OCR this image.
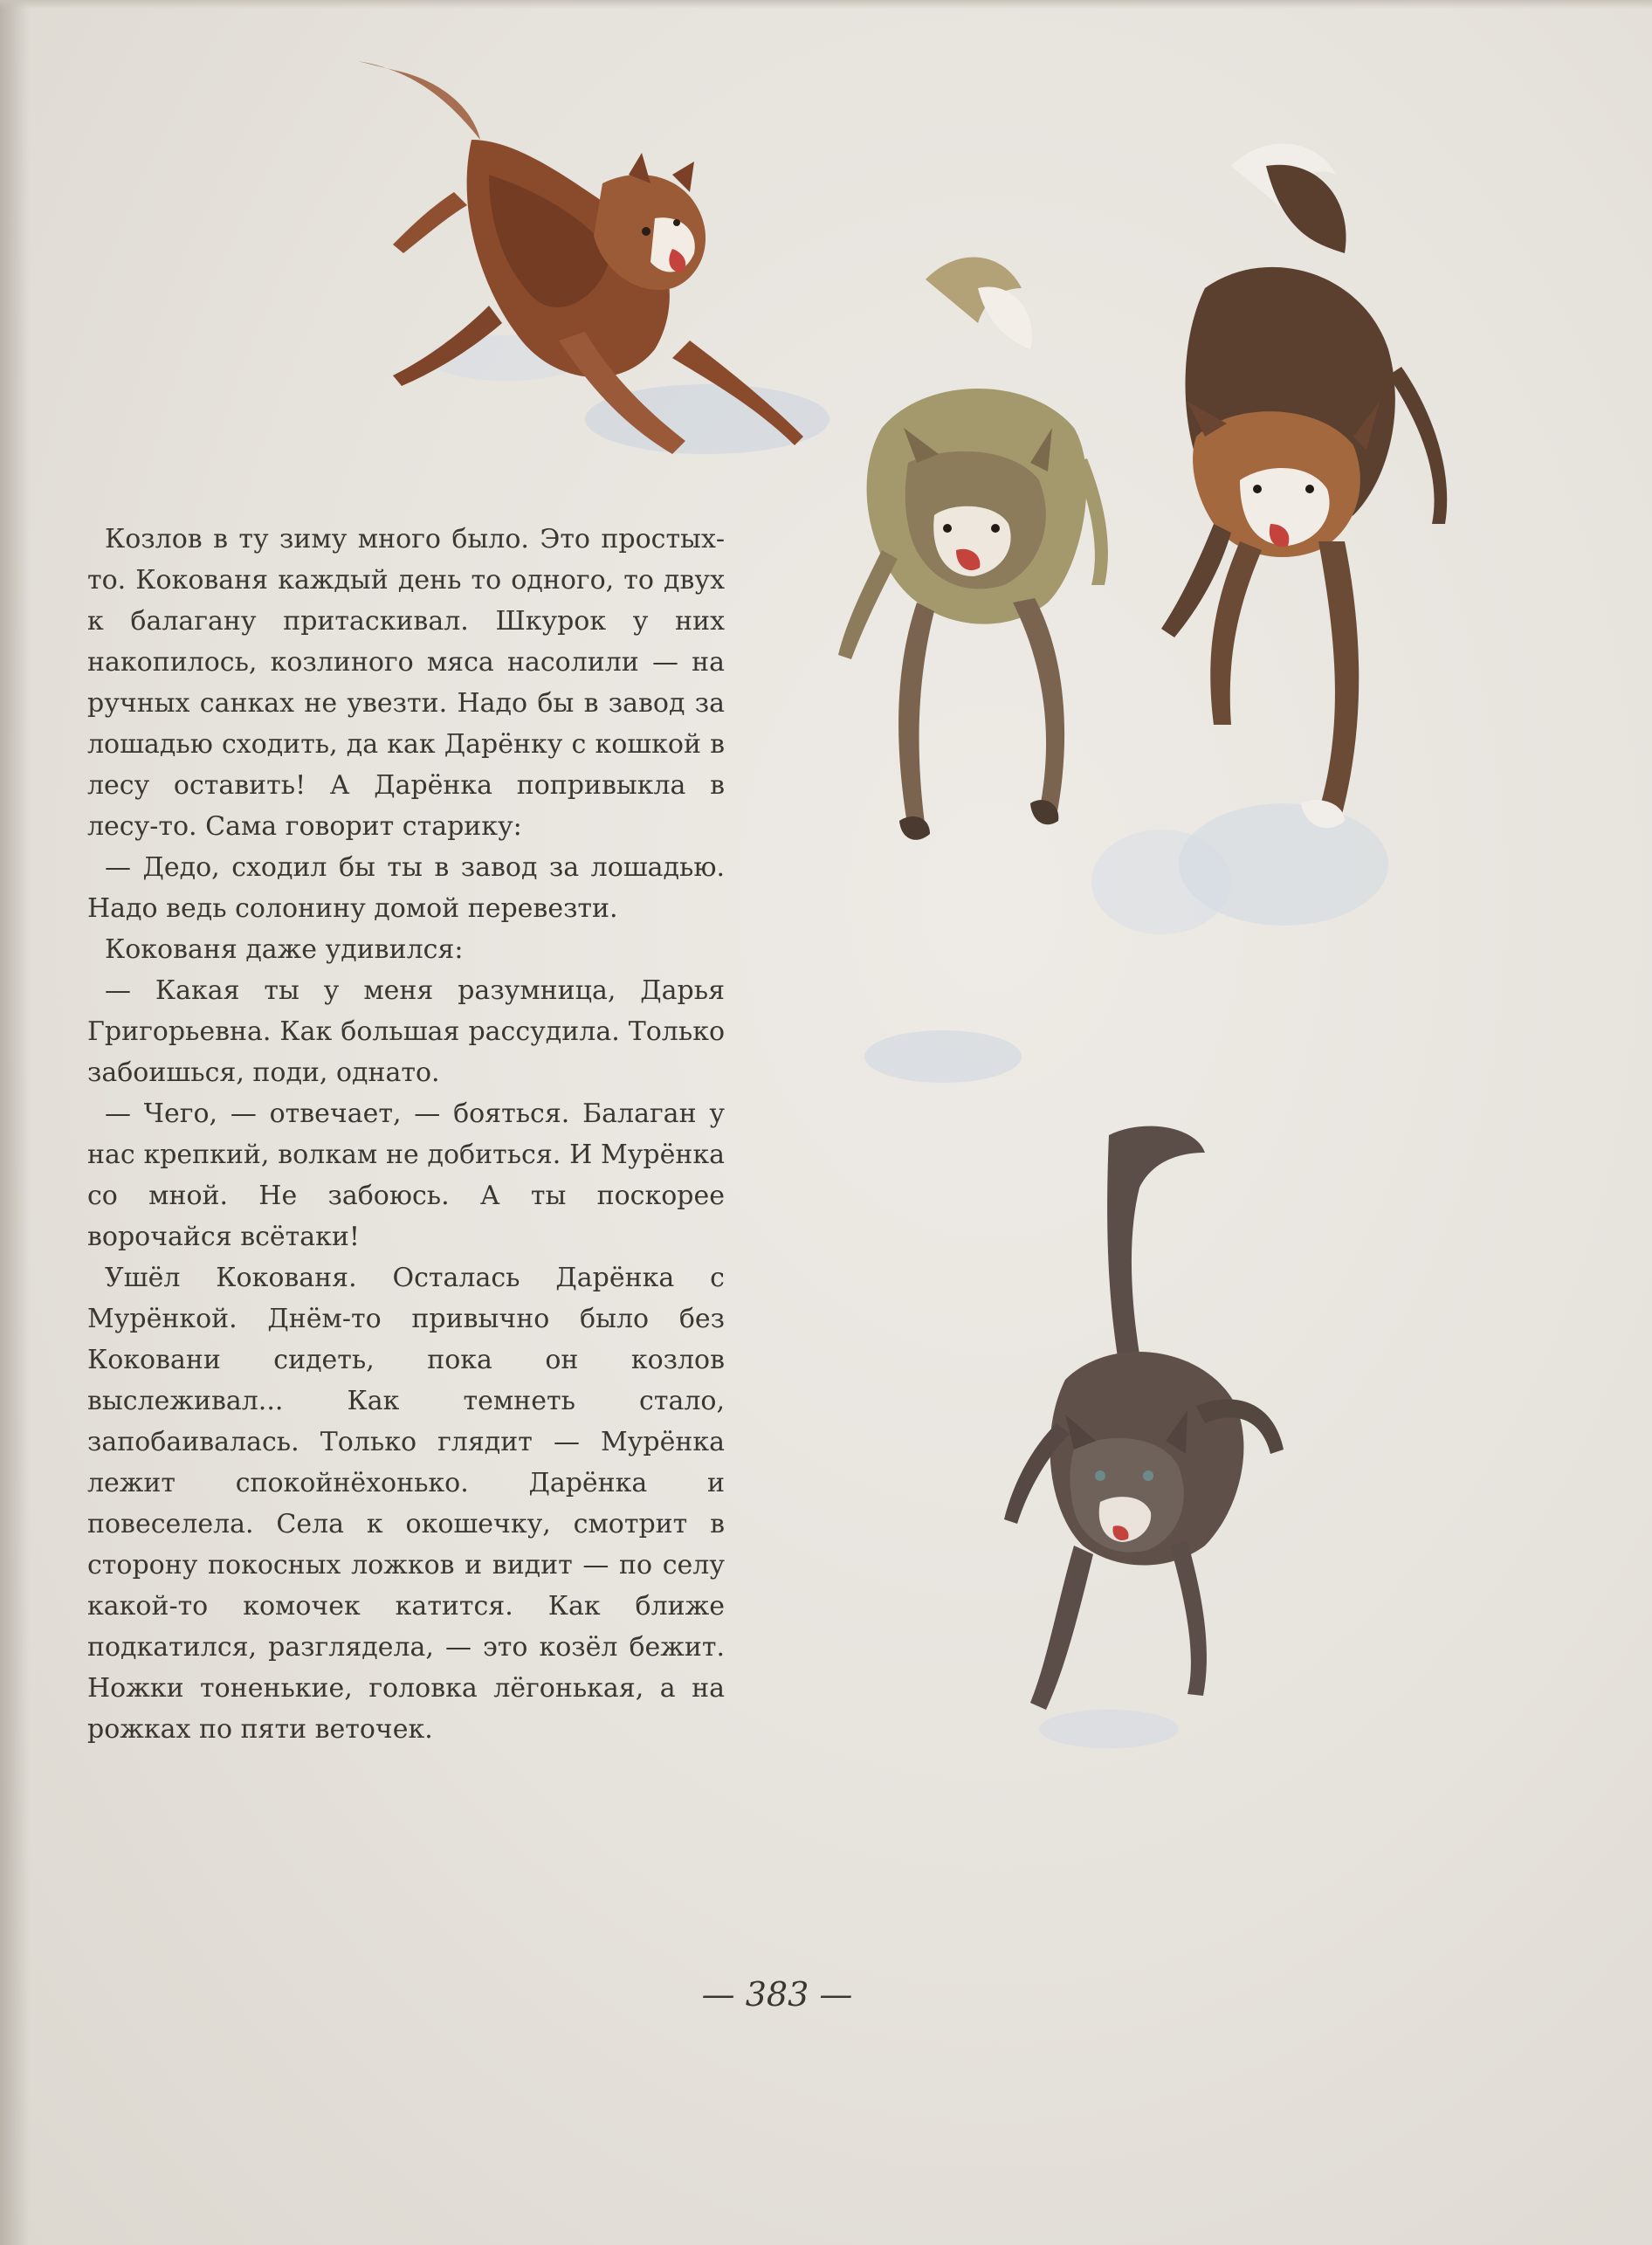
Козлов в ту зиму много было. Это простых-то. Кокованя каждый день то одного, то двух к балагану притаскивал. Шкурок у них накопилось, козлиного мяса насолили — на ручных санках не увезти. Надо бы в завод за лошадью сходить, да как Дарёнку с кошкой в лесу оставить! А Дарёнка попривыкла в лесу-то. Сама говорит старику:

— Дедо, сходил бы ты в завод за лошадью. Надо ведь солонину домой перевезти.

Кокованя даже удивился:

— Какая ты у меня разумница, Дарья Григорьевна. Как большая рассудила. Только забоишься, поди, однато.

— Чего, — отвечает, — бояться. Балаган у нас крепкий, волкам не добиться. И Мурёнка со мной. Не забоюсь. А ты поскорее ворочайся всётаки!

Ушёл Кокованя. Осталась Дарёнка с Мурёнкой. Днём-то привычно было без Коковани сидеть, пока он козлов выслеживал... Как темнеть стало, запобаивалась. Только глядит — Мурёнка лежит спокойнёхонько. Дарёнка и повеселела. Села к окошечку, смотрит в сторону покосных ложков и видит — по селу какой-то комочек катится. Как ближе подкатился, разглядела, — это козёл бежит. Ножки тоненькие, головка лёгонькая, а на рожках по пяти веточек.

— 383 —
